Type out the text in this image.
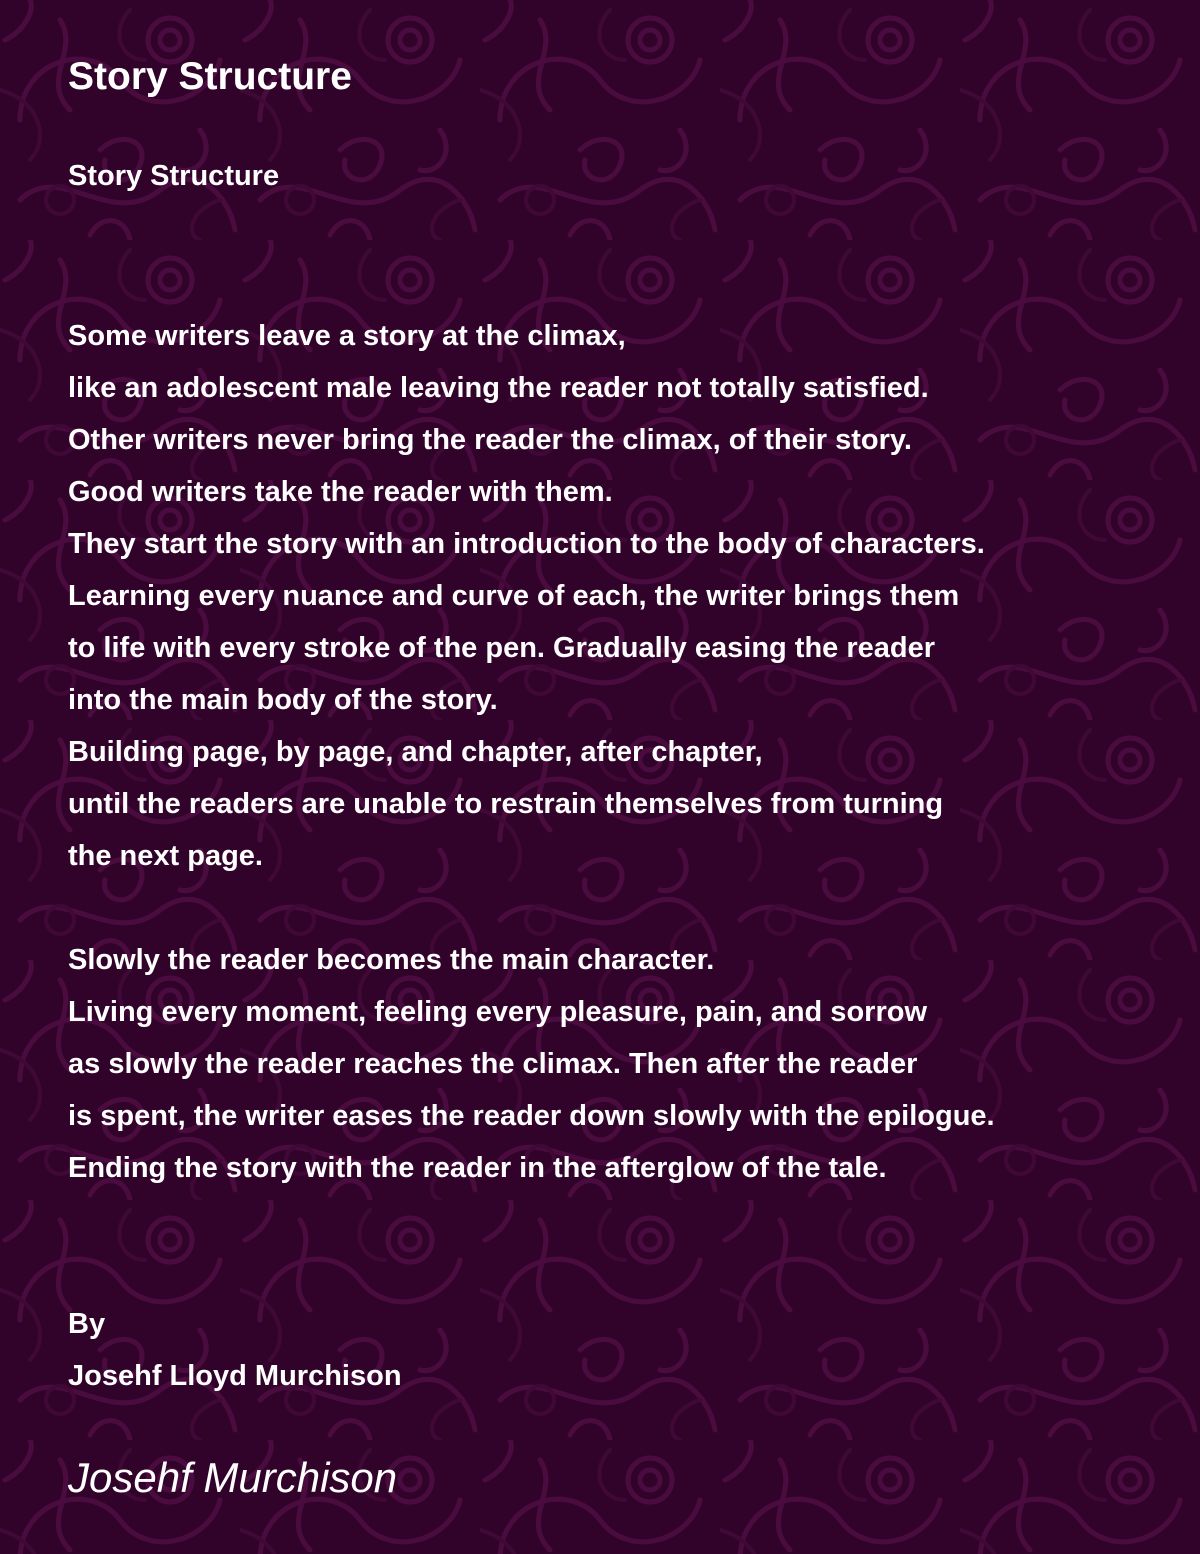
Story Structure
Story Structure
Some writers leave a story at the climax,
like an adolescent male leaving the reader not totally satisfied.
Other writers never bring the reader the climax, of their story.
Good writers take the reader with them.
They start the story with an introduction to the body of characters.
Learning every nuance and curve of each, the writer brings them
to life with every stroke of the pen. Gradually easing the reader
into the main body of the story.
Building page, by page, and chapter, after chapter,
until the readers are unable to restrain themselves from turning
the next page.
Slowly the reader becomes the main character.
Living every moment, feeling every pleasure, pain, and sorrow
as slowly the reader reaches the climax. Then after the reader
is spent, the writer eases the reader down slowly with the epilogue.
Ending the story with the reader in the afterglow of the tale.
By
Josehf Lloyd Murchison
Josehf Murchison
